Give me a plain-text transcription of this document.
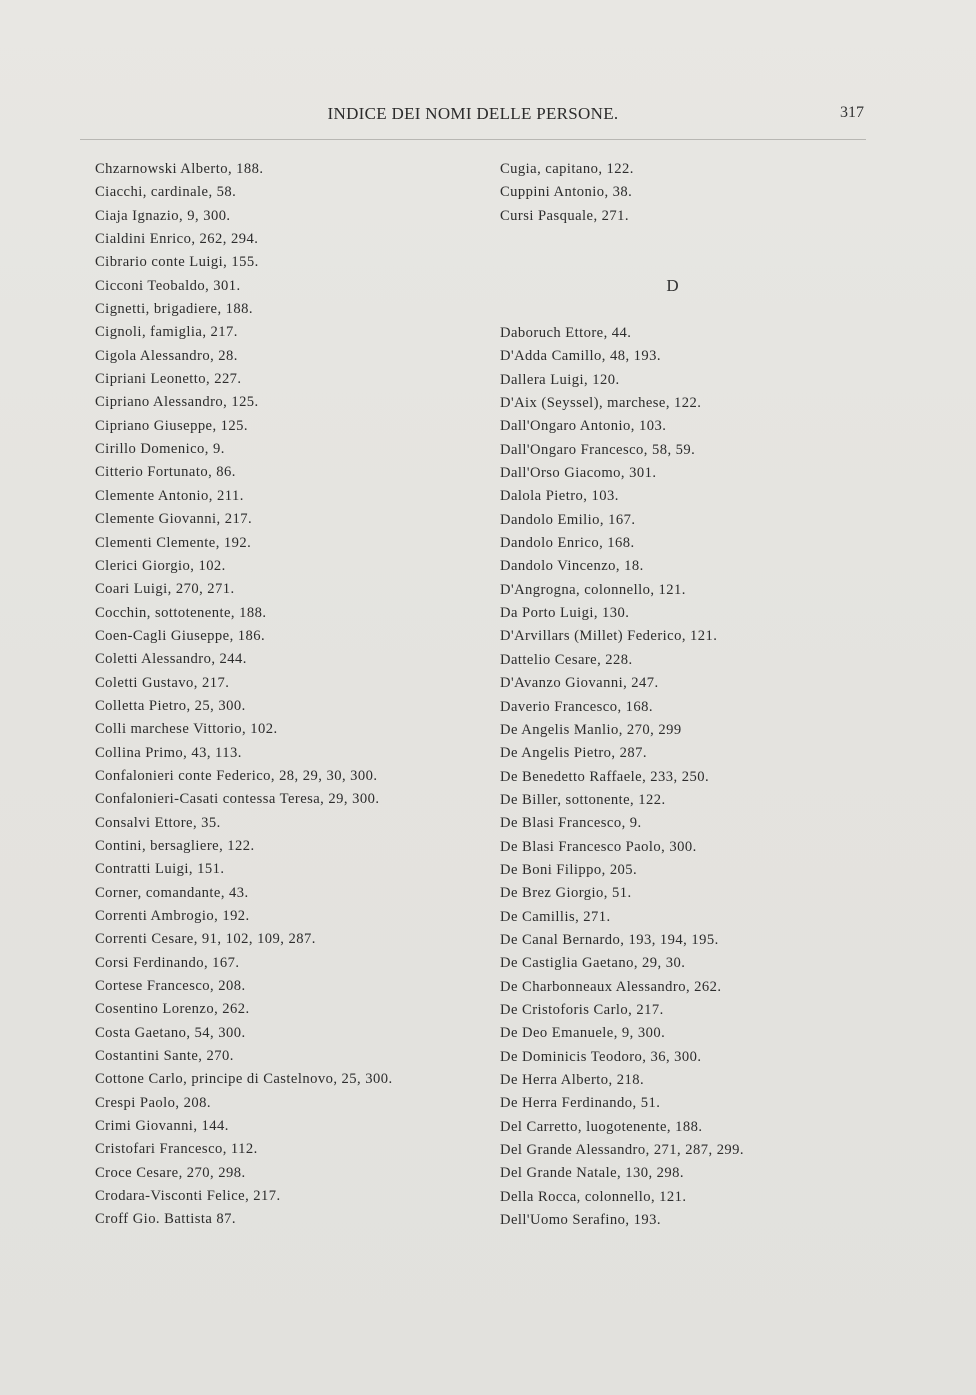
INDICE DEI NOMI DELLE PERSONE.	317
Chzarnowski Alberto, 188.
Ciacchi, cardinale, 58.
Ciaja Ignazio, 9, 300.
Cialdini Enrico, 262, 294.
Cibrario conte Luigi, 155.
Cicconi Teobaldo, 301.
Cignetti, brigadiere, 188.
Cignoli, famiglia, 217.
Cigola Alessandro, 28.
Cipriani Leonetto, 227.
Cipriano Alessandro, 125.
Cipriano Giuseppe, 125.
Cirillo Domenico, 9.
Citterio Fortunato, 86.
Clemente Antonio, 211.
Clemente Giovanni, 217.
Clementi Clemente, 192.
Clerici Giorgio, 102.
Coari Luigi, 270, 271.
Cocchin, sottotenente, 188.
Coen-Cagli Giuseppe, 186.
Coletti Alessandro, 244.
Coletti Gustavo, 217.
Colletta Pietro, 25, 300.
Colli marchese Vittorio, 102.
Collina Primo, 43, 113.
Confalonieri conte Federico, 28, 29, 30, 300.
Confalonieri-Casati contessa Teresa, 29, 300.
Consalvi Ettore, 35.
Contini, bersagliere, 122.
Contratti Luigi, 151.
Corner, comandante, 43.
Correnti Ambrogio, 192.
Correnti Cesare, 91, 102, 109, 287.
Corsi Ferdinando, 167.
Cortese Francesco, 208.
Cosentino Lorenzo, 262.
Costa Gaetano, 54, 300.
Costantini Sante, 270.
Cottone Carlo, principe di Castelnovo, 25, 300.
Crespi Paolo, 208.
Crimi Giovanni, 144.
Cristofari Francesco, 112.
Croce Cesare, 270, 298.
Crodara-Visconti Felice, 217.
Croff Gio. Battista 87.
Cugia, capitano, 122.
Cuppini Antonio, 38.
Cursi Pasquale, 271.
D
Daboruch Ettore, 44.
D'Adda Camillo, 48, 193.
Dallera Luigi, 120.
D'Aix (Seyssel), marchese, 122.
Dall'Ongaro Antonio, 103.
Dall'Ongaro Francesco, 58, 59.
Dall'Orso Giacomo, 301.
Dalola Pietro, 103.
Dandolo Emilio, 167.
Dandolo Enrico, 168.
Dandolo Vincenzo, 18.
D'Angrogna, colonnello, 121.
Da Porto Luigi, 130.
D'Arvillars (Millet) Federico, 121.
Dattelio Cesare, 228.
D'Avanzo Giovanni, 247.
Daverio Francesco, 168.
De Angelis Manlio, 270, 299
De Angelis Pietro, 287.
De Benedetto Raffaele, 233, 250.
De Biller, sottonente, 122.
De Blasi Francesco, 9.
De Blasi Francesco Paolo, 300.
De Boni Filippo, 205.
De Brez Giorgio, 51.
De Camillis, 271.
De Canal Bernardo, 193, 194, 195.
De Castiglia Gaetano, 29, 30.
De Charbonneaux Alessandro, 262.
De Cristoforis Carlo, 217.
De Deo Emanuele, 9, 300.
De Dominicis Teodoro, 36, 300.
De Herra Alberto, 218.
De Herra Ferdinando, 51.
Del Carretto, luogotenente, 188.
Del Grande Alessandro, 271, 287, 299.
Del Grande Natale, 130, 298.
Della Rocca, colonnello, 121.
Dell'Uomo Serafino, 193.
